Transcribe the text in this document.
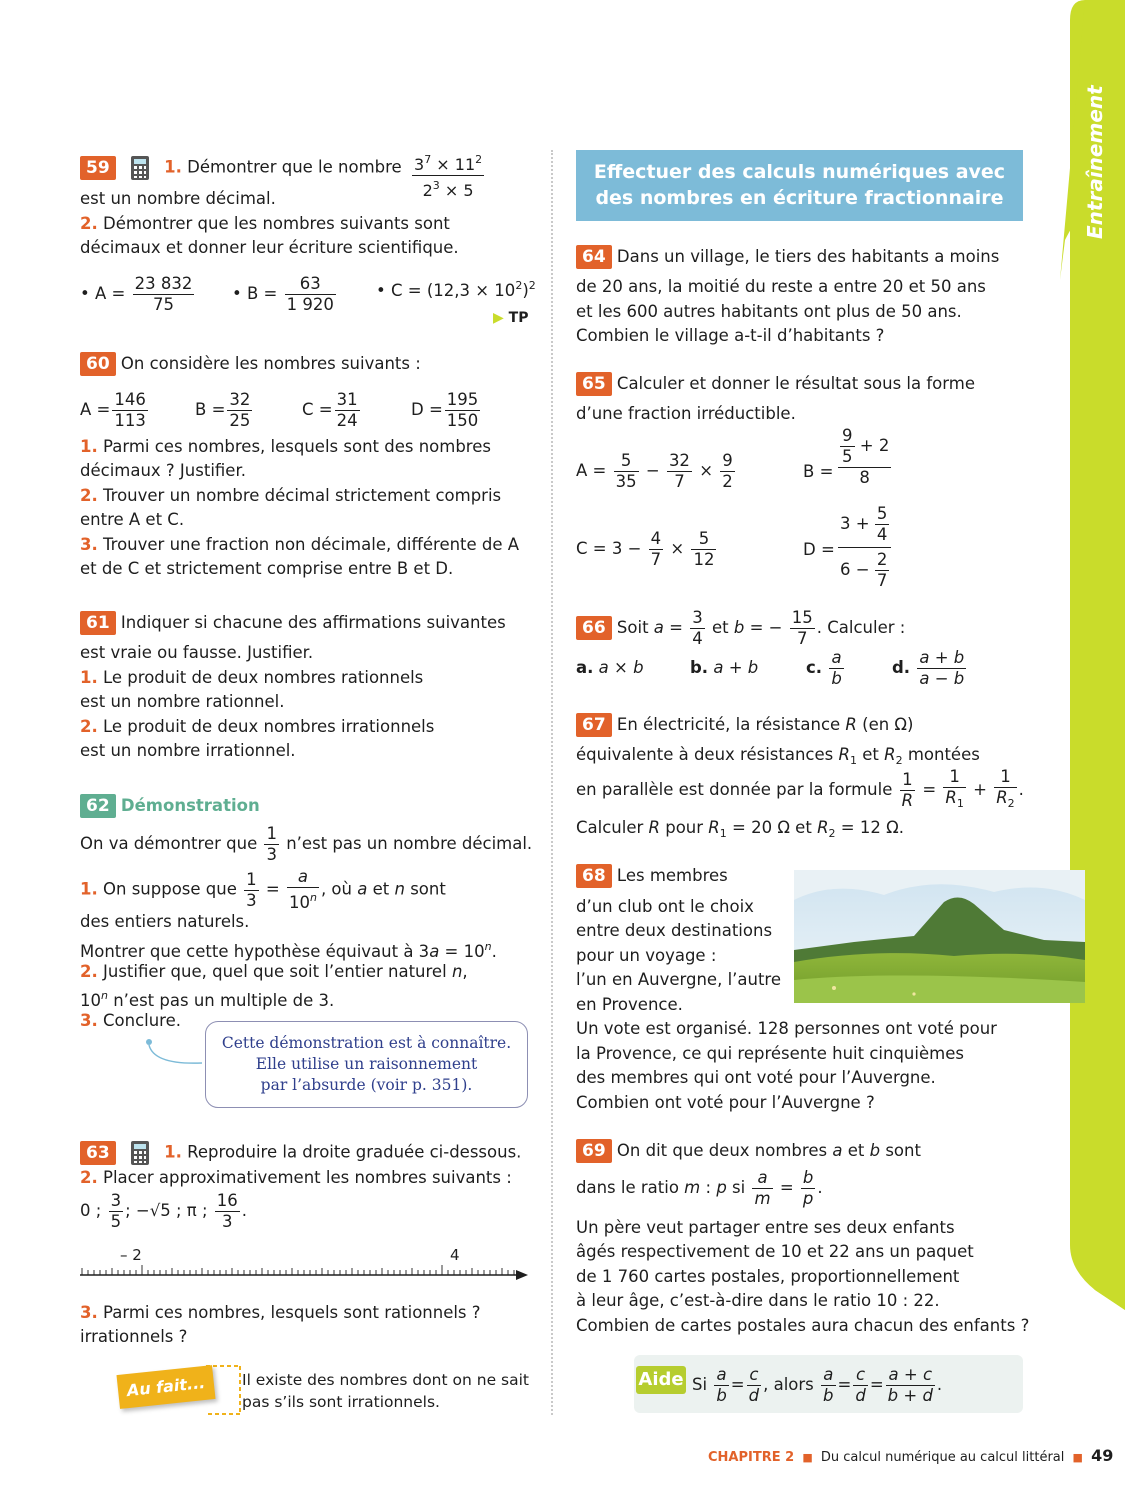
Entraînement
59	1. Démontrer que le nombre $3^7 \times 11^2$
$2^3 \times 5$
est un nombre décimal.
2. Démontrer que les nombres suivants sont
décimaux et donner leur écriture scientifique.
• $A = \frac{23 832}{75}$ • $B = \frac{63}{1 920}$ • $C = (12,3 \times 10^2)^2$
▶ TP
60 On considère les nombres suivants :
$A = \frac{146}{113}$	$B = \frac{32}{25}$	$C = \frac{31}{24}$	$D = \frac{195}{150}$
1. Parmi ces nombres, lesquels sont des nombres
décimaux ? Justifier.
2. Trouver un nombre décimal strictement compris
entre A et C.
3. Trouver une fraction non décimale, différente de A
et de C et strictement comprise entre B et D.
61 Indiquer si chacune des affirmations suivantes
est vraie ou fausse. Justifier.
1. Le produit de deux nombres rationnels
est un nombre rationnel.
2. Le produit de deux nombres irrationnels
est un nombre irrationnel.
62 Démonstration
On va démontrer que $\frac{1}{3}$ n’est pas un nombre décimal.
1. On suppose que $\frac{1}{3} = \frac{a}{10^n}$ , où a et n sont
des entiers naturels.
Montrer que cette hypothèse équivaut à $3a = 10^n$.
2. Justifier que, quel que soit l’entier naturel n,
10$^n$ n’est pas un multiple de 3.
3. Conclure.
Cette démonstration est à connaître.
Elle utilise un raisonnement
par l’absurde (voir p. 351).
63	1. Reproduire la droite graduée ci-dessous.
2. Placer approximativement les nombres suivants :
0 ; $\frac{3}{5}$ ; −√5 ; π ; $\frac{16}{3}$ .
– 2	4
3. Parmi ces nombres, lesquels sont rationnels ?
irrationnels ?
Au fait...	Il existe des nombres dont on ne sait
pas s’ils sont irrationnels.
Effectuer des calculs numériques avec
des nombres en écriture fractionnaire
64 Dans un village, le tiers des habitants a moins
de 20 ans, la moitié du reste a entre 20 et 50 ans
et les 600 autres habitants ont plus de 50 ans.
Combien le village a-t-il d’habitants ?
65 Calculer et donner le résultat sous la forme
d’une fraction irréductible.
$A = \frac{5}{35} - \frac{32}{7} \times \frac{9}{2}$	B =
$\frac{9}{5} + 2$
8
$C = 3 - \frac{4}{7} \times \frac{5}{12}$	D =
$3 + \frac{5}{4}$
$6 - \frac{2}{7}$
66 Soit $a = \frac{3}{4}$ et b = − $\frac{15}{7}$ . Calculer :
a. a × b	b. a + b	c. $\frac{a}{b}$	d. $\frac{a + b}{a - b}$
67 En électricité, la résistance R (en Ω)
équivalente à deux résistances $R_1$ et $R_2$ montées
en parallèle est donnée par la formule $\frac{1}{R} = \frac{1}{R_1} + \frac{1}{R_2}$ .
Calculer R pour $R_1 = 20$ Ω et $R_2 = 12$ Ω.
68 Les membres
d’un club ont le choix
entre deux destinations
pour un voyage :
l’un en Auvergne, l’autre
en Provence.
Un vote est organisé. 128 personnes ont voté pour
la Provence, ce qui représente huit cinquièmes
des membres qui ont voté pour l’Auvergne.
Combien ont voté pour l’Auvergne ?
69 On dit que deux nombres a et b sont
dans le ratio m : p si $\frac{a}{m} = \frac{b}{p}$ .
Un père veut partager entre ses deux enfants
âgés respectivement de 10 et 22 ans un paquet
de 1 760 cartes postales, proportionnellement
à leur âge, c’est-à-dire dans le ratio 10 : 22.
Combien de cartes postales aura chacun des enfants ?
Aide Si $\frac{a}{b} = \frac{c}{d}$ , alors $\frac{a}{b} = \frac{c}{d} = \frac{a + c}{b + d}$ .
CHAPITRE 2 ■ Du calcul numérique au calcul littéral ■ 49
